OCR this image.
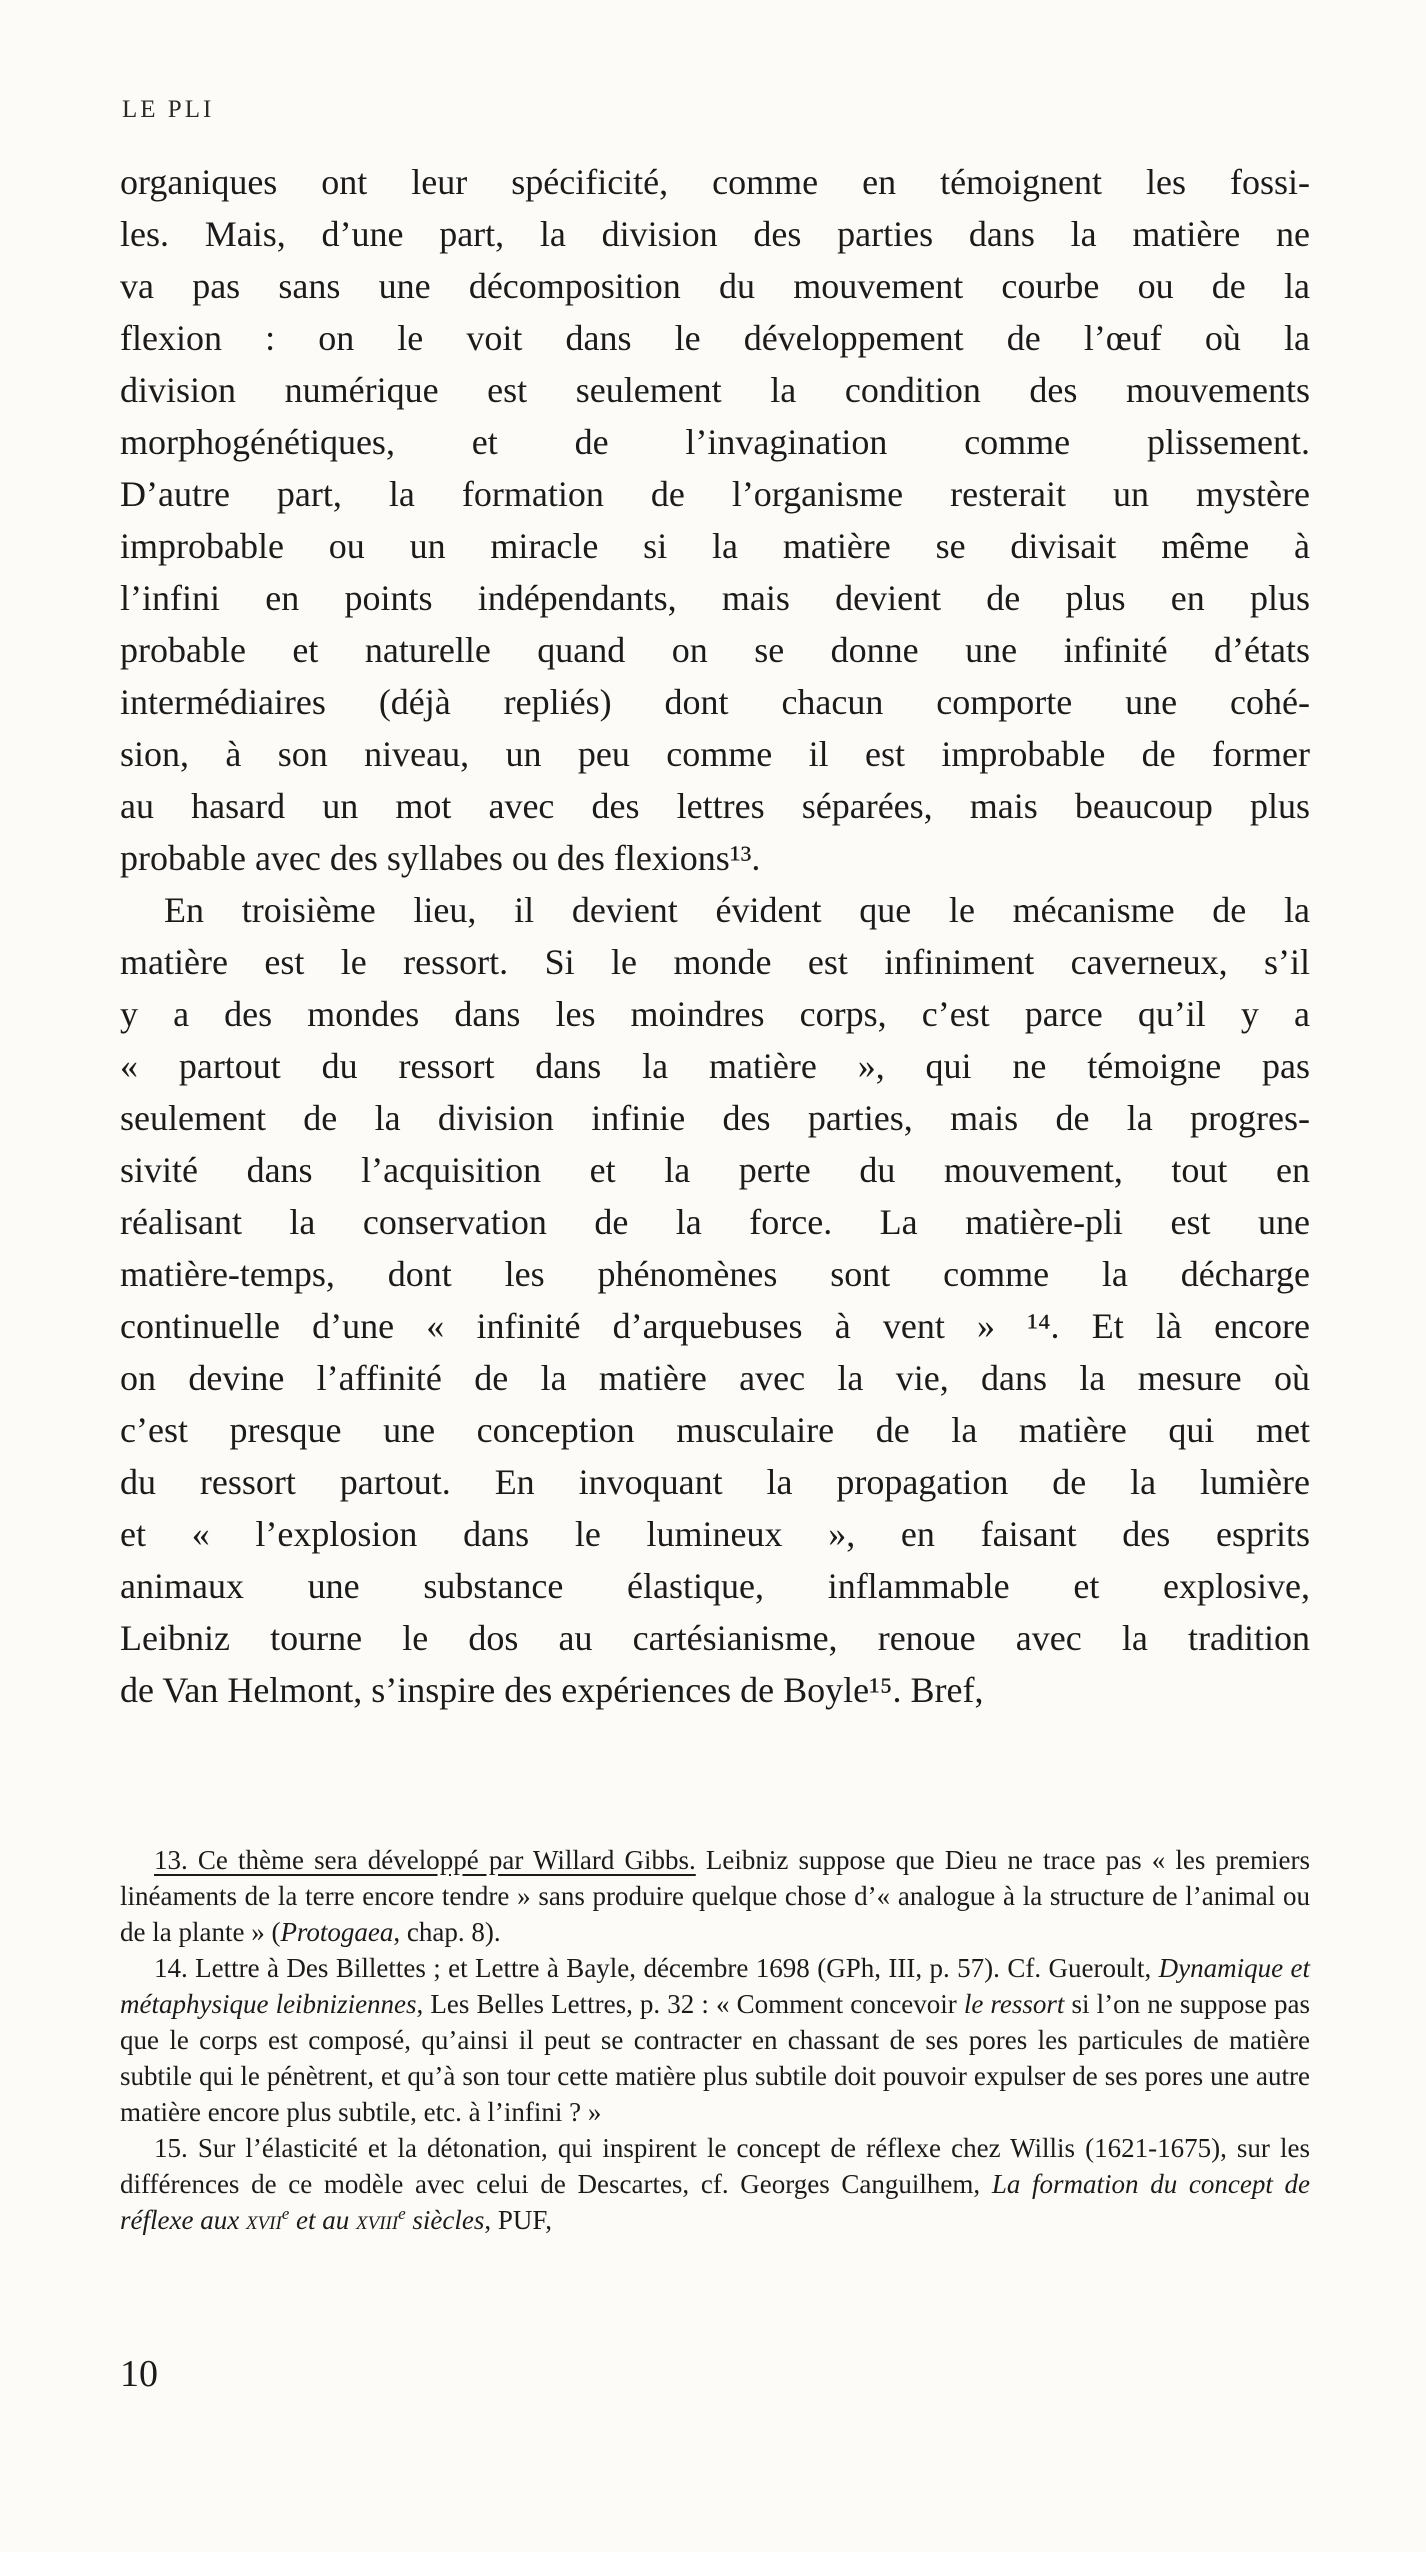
LE PLI
organiques ont leur spécificité, comme en témoignent les fossi-
les. Mais, d’une part, la division des parties dans la matière ne
va pas sans une décomposition du mouvement courbe ou de la
flexion : on le voit dans le développement de l’œuf où la
division numérique est seulement la condition des mouvements
morphogénétiques, et de l’invagination comme plissement.
D’autre part, la formation de l’organisme resterait un mystère
improbable ou un miracle si la matière se divisait même à
l’infini en points indépendants, mais devient de plus en plus
probable et naturelle quand on se donne une infinité d’états
intermédiaires (déjà repliés) dont chacun comporte une cohé-
sion, à son niveau, un peu comme il est improbable de former
au hasard un mot avec des lettres séparées, mais beaucoup plus
probable avec des syllabes ou des flexions¹³.
En troisième lieu, il devient évident que le mécanisme de la
matière est le ressort. Si le monde est infiniment caverneux, s’il
y a des mondes dans les moindres corps, c’est parce qu’il y a
« partout du ressort dans la matière », qui ne témoigne pas
seulement de la division infinie des parties, mais de la progres-
sivité dans l’acquisition et la perte du mouvement, tout en
réalisant la conservation de la force. La matière-pli est une
matière-temps, dont les phénomènes sont comme la décharge
continuelle d’une « infinité d’arquebuses à vent » ¹⁴. Et là encore
on devine l’affinité de la matière avec la vie, dans la mesure où
c’est presque une conception musculaire de la matière qui met
du ressort partout. En invoquant la propagation de la lumière
et « l’explosion dans le lumineux », en faisant des esprits
animaux une substance élastique, inflammable et explosive,
Leibniz tourne le dos au cartésianisme, renoue avec la tradition
de Van Helmont, s’inspire des expériences de Boyle¹⁵. Bref,

13. Ce thème sera développé par Willard Gibbs. Leibniz suppose que Dieu ne trace pas « les premiers linéaments de la terre encore tendre » sans produire quelque chose d’« analogue à la structure de l’animal ou de la plante » (Protogaea, chap. 8).

14. Lettre à Des Billettes ; et Lettre à Bayle, décembre 1698 (GPh, III, p. 57). Cf. Gueroult, Dynamique et métaphysique leibniziennes, Les Belles Lettres, p. 32 : « Comment concevoir le ressort si l’on ne suppose pas que le corps est composé, qu’ainsi il peut se contracter en chassant de ses pores les particules de matière subtile qui le pénètrent, et qu’à son tour cette matière plus subtile doit pouvoir expulser de ses pores une autre matière encore plus subtile, etc. à l’infini ? »

15. Sur l’élasticité et la détonation, qui inspirent le concept de réflexe chez Willis (1621-1675), sur les différences de ce modèle avec celui de Descartes, cf. Georges Canguilhem, La formation du concept de réflexe aux xvii$^e$ et au xviii$^e$ siècles, PUF,

10
